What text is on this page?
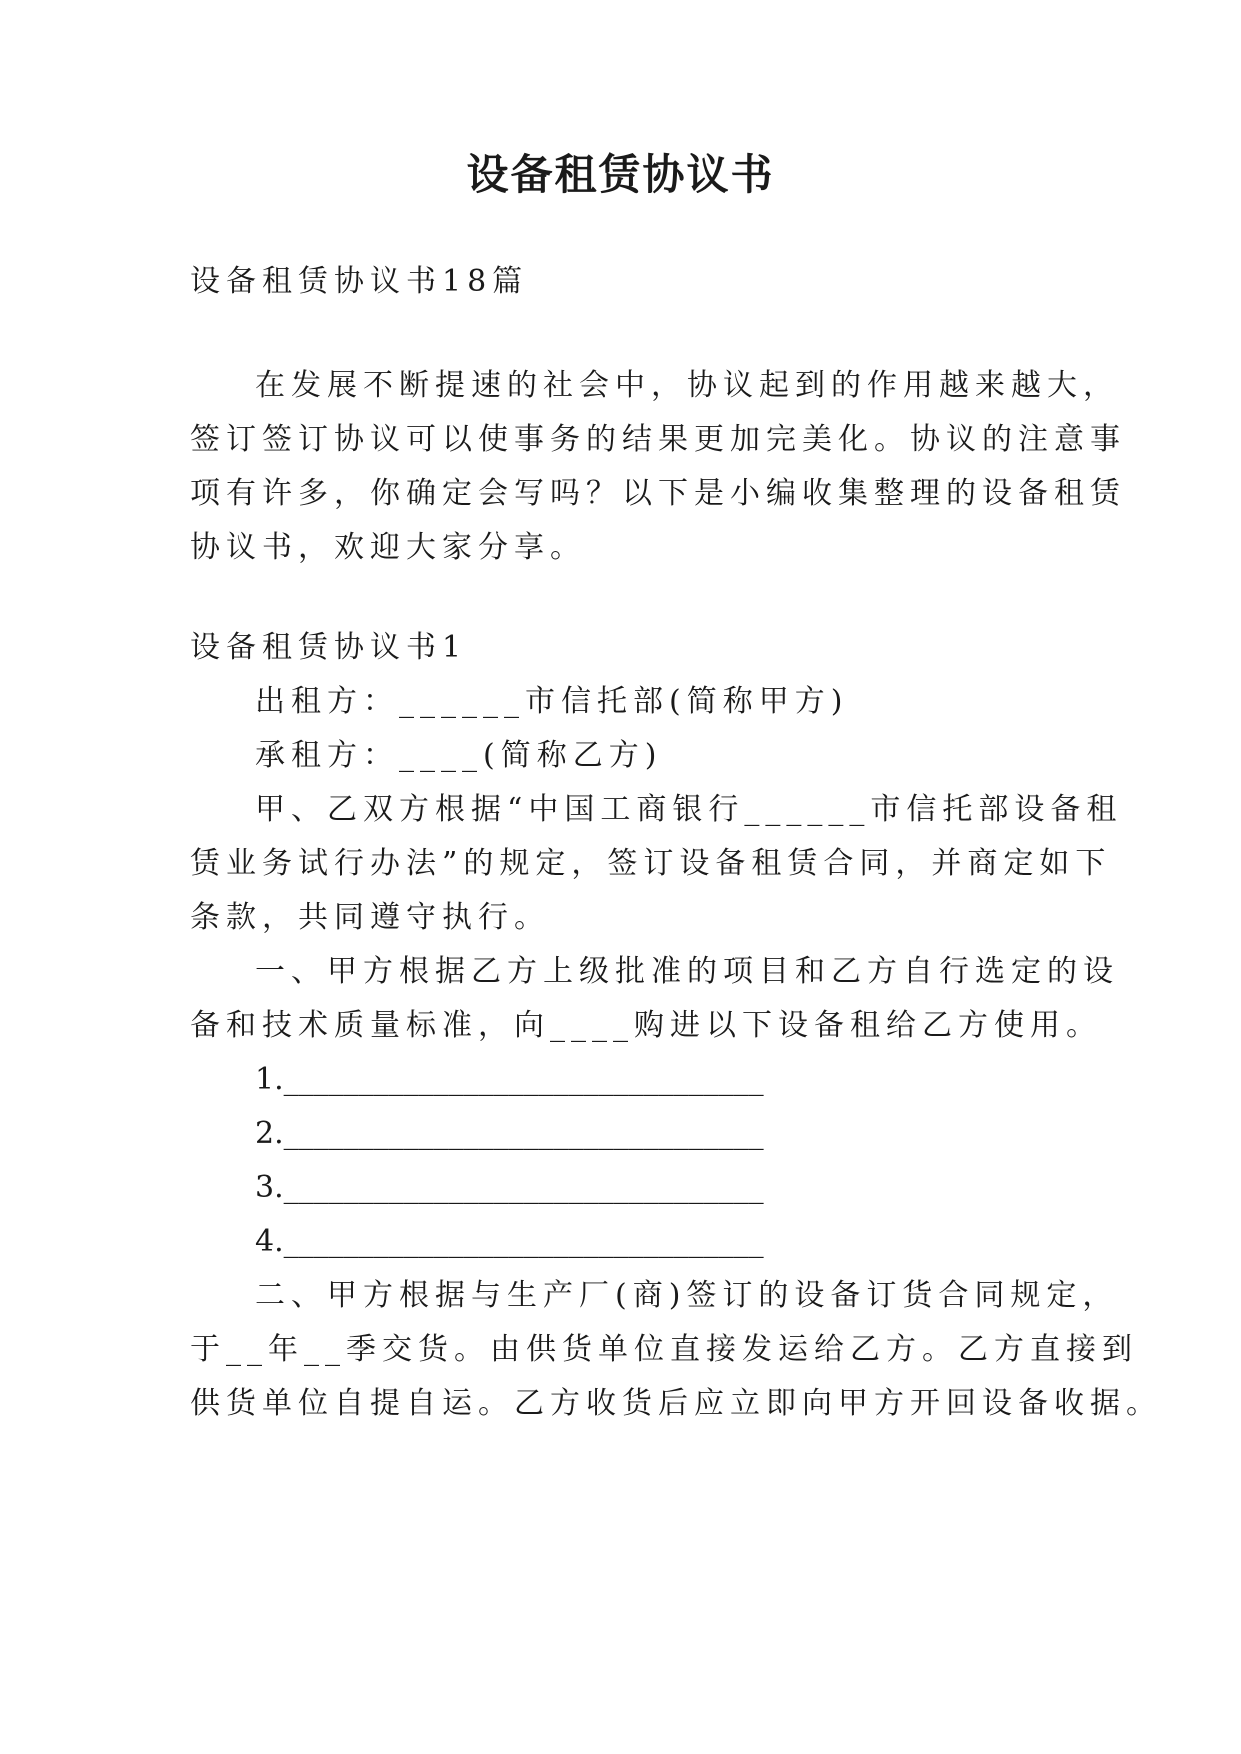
设备租赁协议书
设备租赁协议书18篇
在发展不断提速的社会中，协议起到的作用越来越大，
签订签订协议可以使事务的结果更加完美化。协议的注意事
项有许多，你确定会写吗？以下是小编收集整理的设备租赁
协议书，欢迎大家分享。
设备租赁协议书1
出租方：______市信托部(简称甲方)
承租方：____(简称乙方)
甲、乙双方根据“中国工商银行______市信托部设备租
赁业务试行办法”的规定，签订设备租赁合同，并商定如下
条款，共同遵守执行。
一、甲方根据乙方上级批准的项目和乙方自行选定的设
备和技术质量标准，向____购进以下设备租给乙方使用。
1.________________________________
2.________________________________
3.________________________________
4.________________________________
二、甲方根据与生产厂(商)签订的设备订货合同规定，
于__年__季交货。由供货单位直接发运给乙方。乙方直接到
供货单位自提自运。乙方收货后应立即向甲方开回设备收据。
